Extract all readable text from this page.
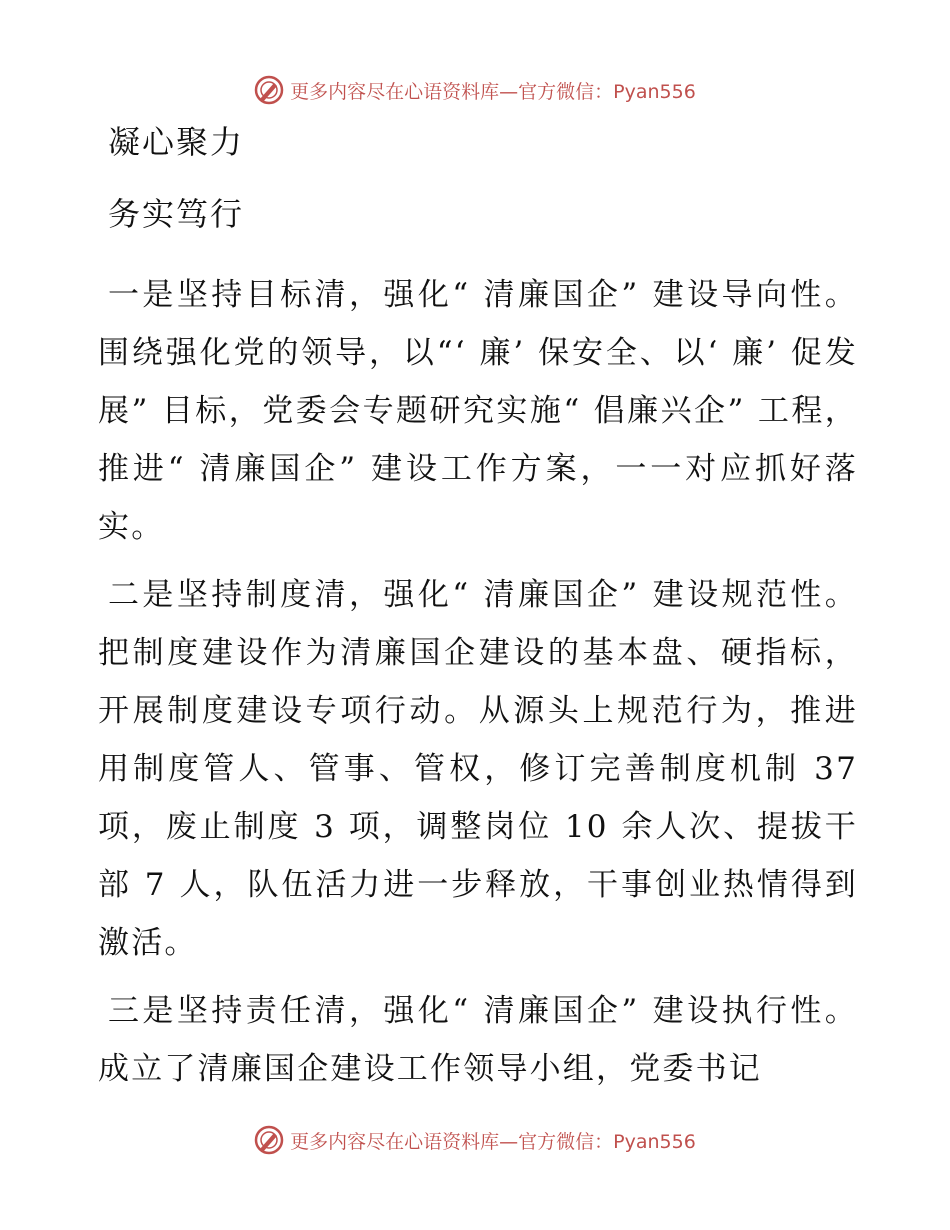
更多内容尽在心语资料库—官方微信：Pyan556
凝心聚力
务实笃行

一是坚持目标清，强化“ 清廉国企” 建设导向性。围绕强化党的领导，以“‘ 廉’ 保安全、以‘ 廉’ 促发展” 目标，党委会专题研究实施“ 倡廉兴企” 工程，推进“ 清廉国企” 建设工作方案，一一对应抓好落实。

二是坚持制度清，强化“ 清廉国企” 建设规范性。把制度建设作为清廉国企建设的基本盘、硬指标，开展制度建设专项行动。从源头上规范行为，推进用制度管人、管事、管权，修订完善制度机制 37 项，废止制度 3 项，调整岗位 10 余人次、提拔干部 7 人，队伍活力进一步释放，干事创业热情得到激活。

三是坚持责任清，强化“ 清廉国企” 建设执行性。成立了清廉国企建设工作领导小组，党委书记

更多内容尽在心语资料库—官方微信：Pyan556
